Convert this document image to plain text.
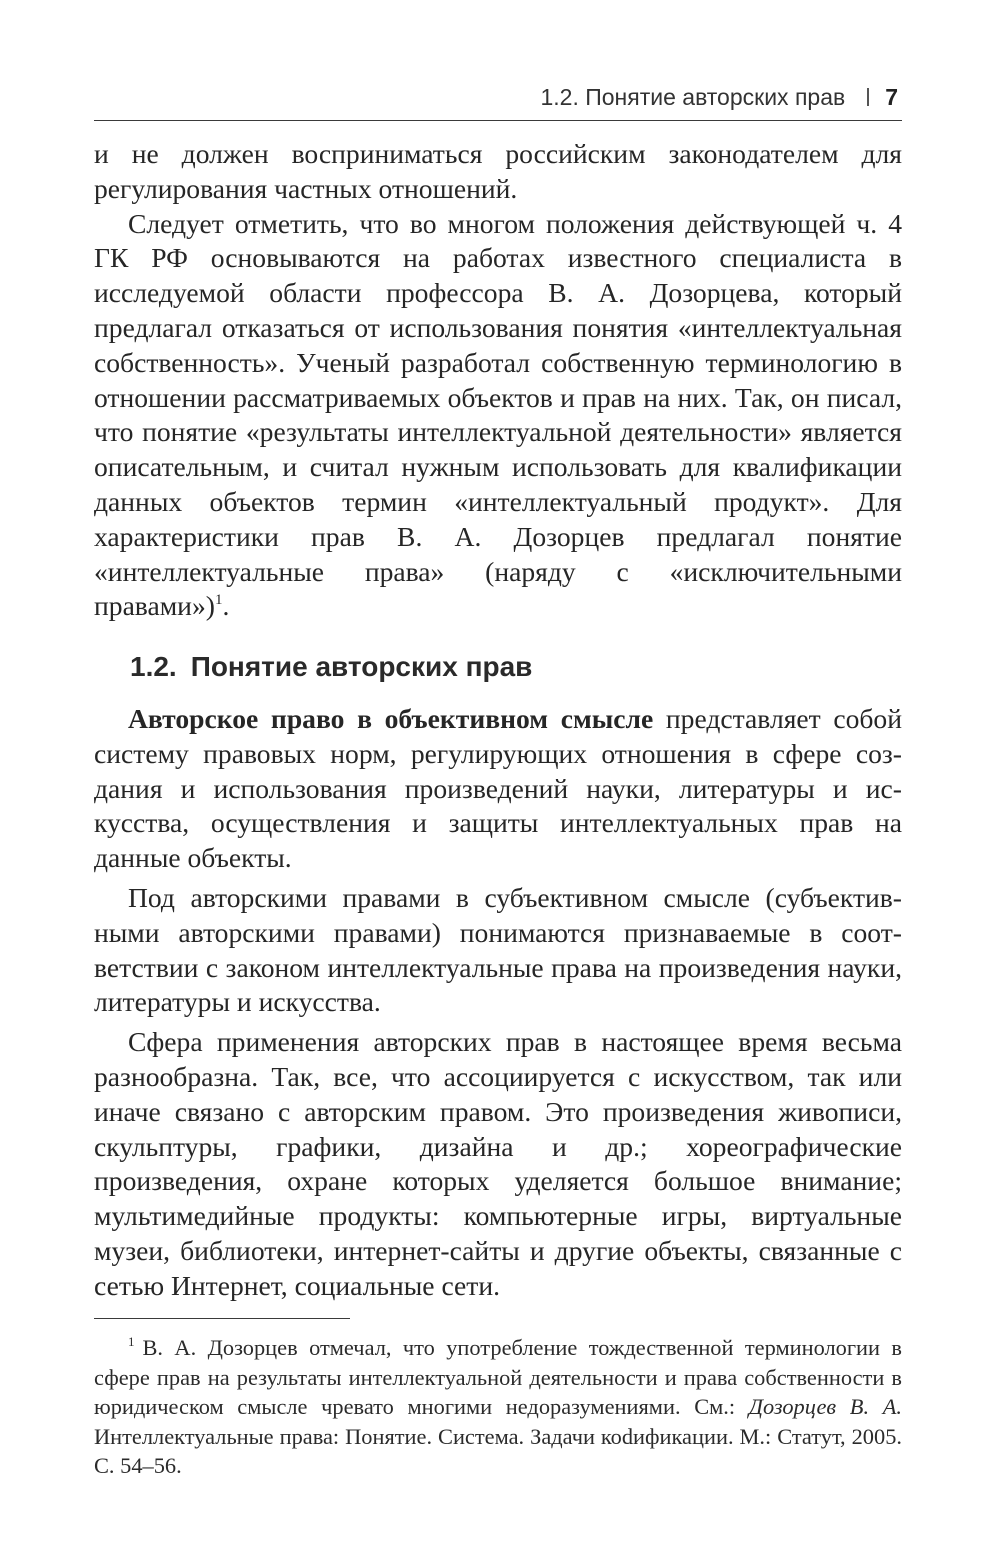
1.2. Понятие авторских прав 7

и не должен восприниматься российским законодателем для регулирования частных отношений.

Следует отметить, что во многом положения действующей ч. 4 ГК РФ основываются на работах известного специалиста в исследуемой области профессора В. А. Дозорцева, который предлагал отказаться от использования понятия «интеллектуальная собственность». Ученый разработал собственную терминологию в отношении рассматриваемых объектов и прав на них. Так, он писал, что понятие «результаты интеллектуальной деятельности» является описательным, и считал нужным использовать для квалификации данных объектов термин «интеллектуальный продукт». Для характеристики прав В. А. Дозорцев предлагал понятие «интеллектуальные права» (наряду с «исключительными правами»)$^1$.

1.2. Понятие авторских прав

Авторское право в объективном смысле представляет собой систему правовых норм, регулирующих отношения в сфере создания и использования произведений науки, литературы и искусства, осуществления и защиты интеллектуальных прав на данные объекты.

Под авторскими правами в субъективном смысле (субъективными авторскими правами) понимаются признаваемые в соответствии с законом интеллектуальные права на произведения науки, литературы и искусства.

Сфера применения авторских прав в настоящее время весьма разнообразна. Так, все, что ассоциируется с искусством, так или иначе связано с авторским правом. Это произведения живописи, скульптуры, графики, дизайна и др.; хореографические произведения, охране которых уделяется большое внимание; мультимедийные продукты: компьютерные игры, виртуальные музеи, библиотеки, интернет-сайты и другие объекты, связанные с сетью Интернет, социальные сети.

$^1$ В. А. Дозорцев отмечал, что употребление тождественной терминологии в сфере прав на результаты интеллектуальной деятельности и права собственности в юридическом смысле чревато многими недоразумениями. См.: Дозорцев В. А. Интеллектуальные права: Понятие. Система. Задачи коdификации. М.: Статут, 2005. С. 54–56.
